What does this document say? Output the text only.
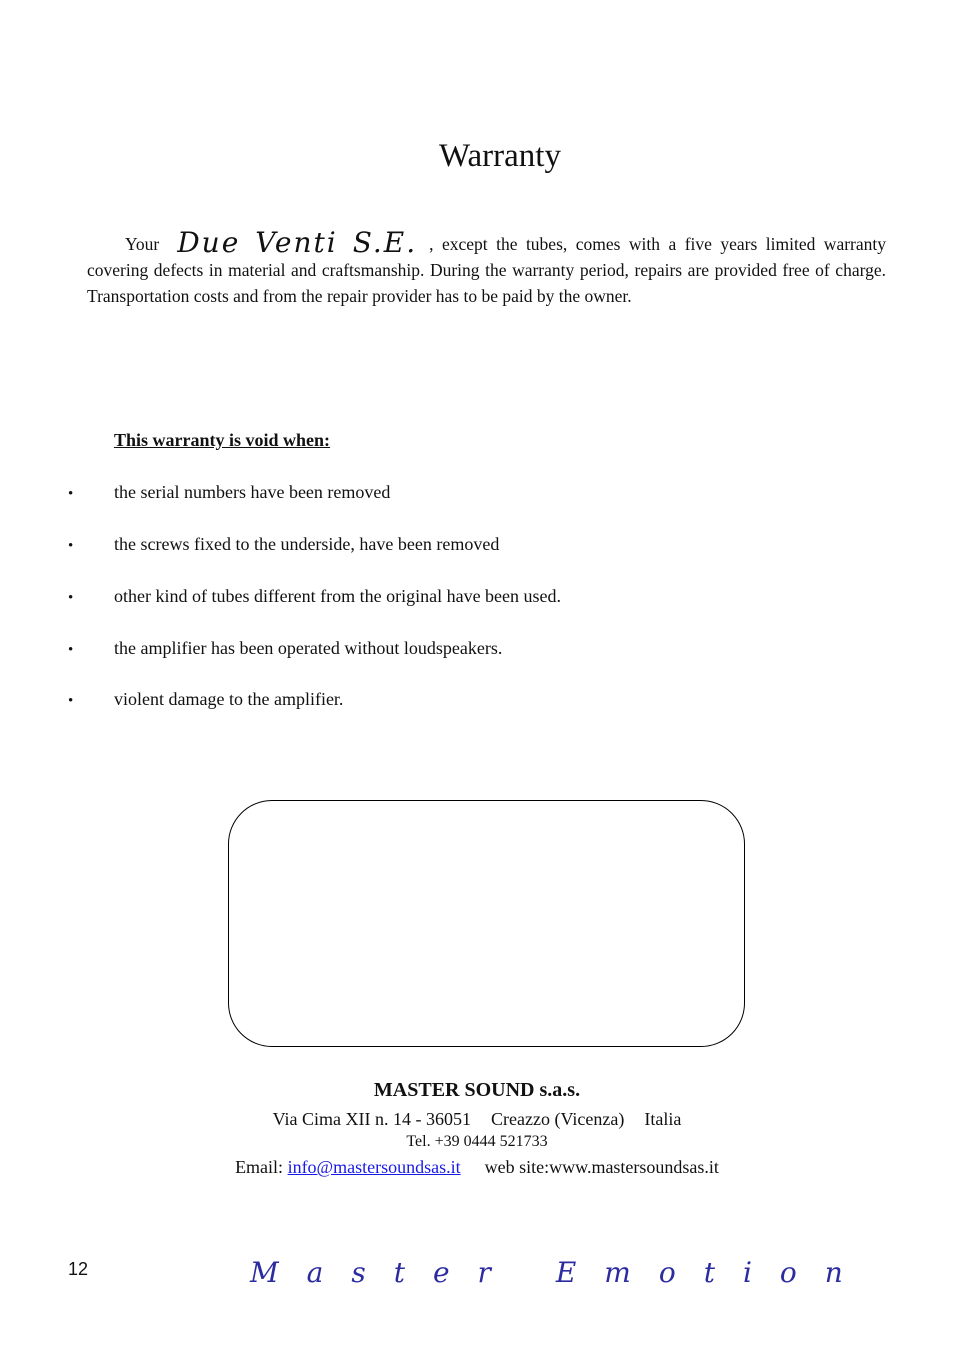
Warranty
Your Due Venti S.E. , except the tubes, comes with a five years limited warranty covering defects in material and craftsmanship. During the warranty period, repairs are provided free of charge. Transportation costs and from the repair provider has to be paid by the owner.
This warranty is void when:
• the serial numbers have been removed
• the screws fixed to the underside, have been removed
• other kind of tubes different from the original have been used.
• the amplifier has been operated without loudspeakers.
• violent damage to the amplifier.
MASTER SOUND s.a.s.
Via Cima XII n. 14 - 36051 Creazzo (Vicenza) Italia
Tel. +39 0444 521733
Email: info@mastersoundsas.it web site:www.mastersoundsas.it
12	Master Emotion
